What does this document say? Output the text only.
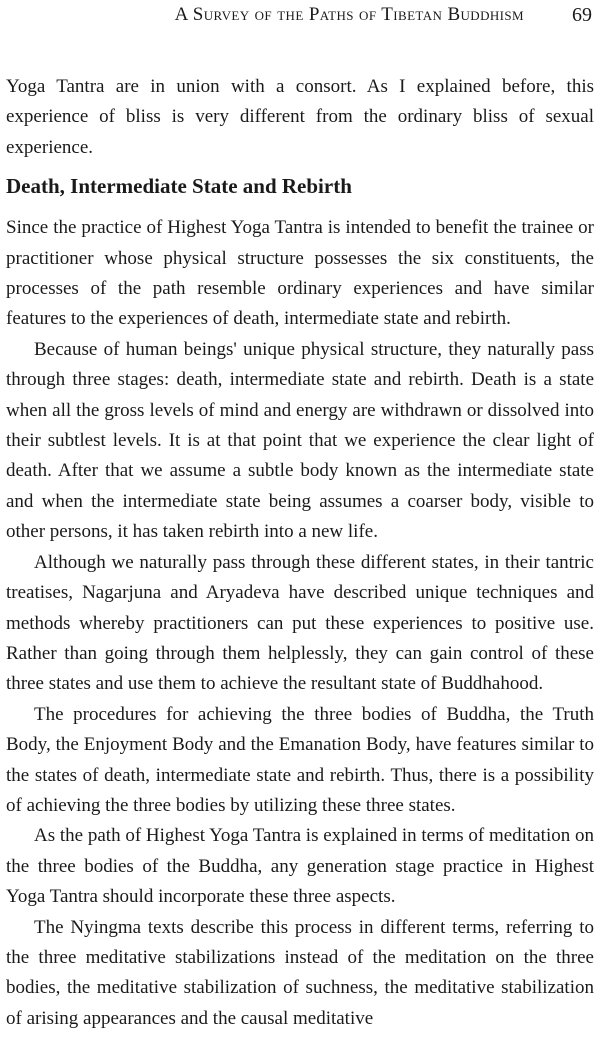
A Survey of the Paths of Tibetan Buddhism 69

Yoga Tantra are in union with a consort. As I explained before, this experience of bliss is very different from the ordinary bliss of sexual experience.

Death, Intermediate State and Rebirth

Since the practice of Highest Yoga Tantra is intended to benefit the trainee or practitioner whose physical structure possesses the six constituents, the processes of the path resemble ordinary experiences and have similar features to the experiences of death, intermediate state and rebirth.

Because of human beings' unique physical structure, they naturally pass through three stages: death, intermediate state and rebirth. Death is a state when all the gross levels of mind and energy are withdrawn or dissolved into their subtlest levels. It is at that point that we experience the clear light of death. After that we assume a subtle body known as the intermediate state and when the intermediate state being assumes a coarser body, visible to other persons, it has taken rebirth into a new life.

Although we naturally pass through these different states, in their tantric treatises, Nagarjuna and Aryadeva have described unique techniques and methods whereby practitioners can put these experiences to positive use. Rather than going through them helplessly, they can gain control of these three states and use them to achieve the resultant state of Buddhahood.

The procedures for achieving the three bodies of Buddha, the Truth Body, the Enjoyment Body and the Emanation Body, have features similar to the states of death, intermediate state and rebirth. Thus, there is a possibility of achieving the three bodies by utilizing these three states.

As the path of Highest Yoga Tantra is explained in terms of meditation on the three bodies of the Buddha, any generation stage practice in Highest Yoga Tantra should incorporate these three aspects.

The Nyingma texts describe this process in different terms, referring to the three meditative stabilizations instead of the meditation on the three bodies, the meditative stabilization of suchness, the meditative stabilization of arising appearances and the causal meditative
